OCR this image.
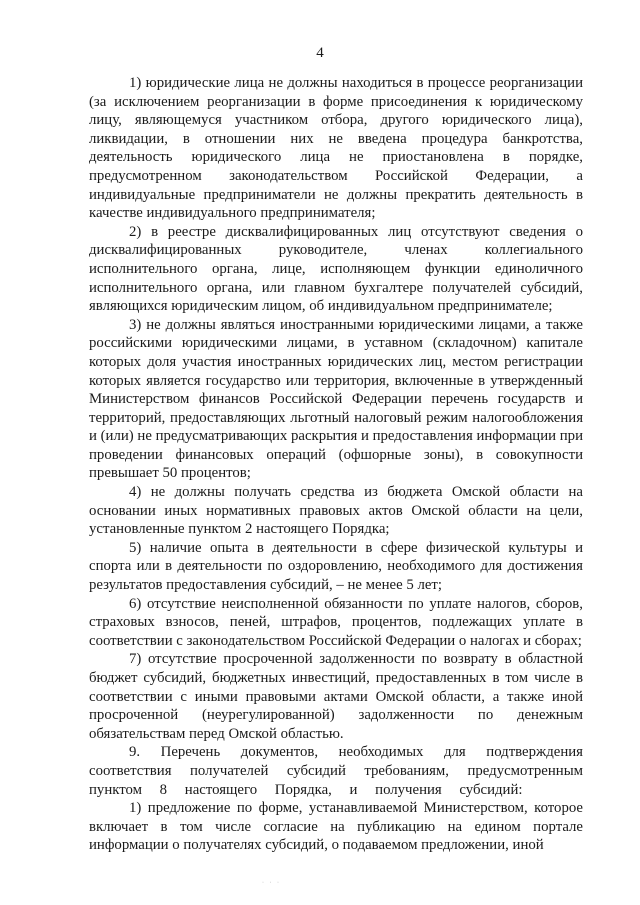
4

1) юридические лица не должны находиться в процессе реорганизации (за исключением реорганизации в форме присоединения к юридическому лицу, являющемуся участником отбора, другого юридического лица), ликвидации, в отношении них не введена процедура банкротства, деятельность юридического лица не приостановлена в порядке, предусмотренном законодательством Российской Федерации, а индивидуальные предприниматели не должны прекратить деятельность в качестве индивидуального предпринимателя;

2) в реестре дисквалифицированных лиц отсутствуют сведения о дисквалифицированных руководителе, членах коллегиального исполнительного органа, лице, исполняющем функции единоличного исполнительного органа, или главном бухгалтере получателей субсидий, являющихся юридическим лицом, об индивидуальном предпринимателе;

3) не должны являться иностранными юридическими лицами, а также российскими юридическими лицами, в уставном (складочном) капитале которых доля участия иностранных юридических лиц, местом регистрации которых является государство или территория, включенные в утвержденный Министерством финансов Российской Федерации перечень государств и территорий, предоставляющих льготный налоговый режим налогообложения и (или) не предусматривающих раскрытия и предоставления информации при проведении финансовых операций (офшорные зоны), в совокупности превышает 50 процентов;

4) не должны получать средства из бюджета Омской области на основании иных нормативных правовых актов Омской области на цели, установленные пунктом 2 настоящего Порядка;

5) наличие опыта в деятельности в сфере физической культуры и спорта или в деятельности по оздоровлению, необходимого для достижения результатов предоставления субсидий, – не менее 5 лет;

6) отсутствие неисполненной обязанности по уплате налогов, сборов, страховых взносов, пеней, штрафов, процентов, подлежащих уплате в соответствии с законодательством Российской Федерации о налогах и сборах;

7) отсутствие просроченной задолженности по возврату в областной бюджет субсидий, бюджетных инвестиций, предоставленных в том числе в соответствии с иными правовыми актами Омской области, а также иной просроченной (неурегулированной) задолженности по денежным обязательствам перед Омской областью.

9. Перечень документов, необходимых для подтверждения соответствия получателей субсидий требованиям, предусмотренным пунктом 8 настоящего Порядка, и получения субсидий:

1) предложение по форме, устанавливаемой Министерством, которое включает в том числе согласие на публикацию на едином портале информации о получателях субсидий, о подаваемом предложении, иной

· · ·
